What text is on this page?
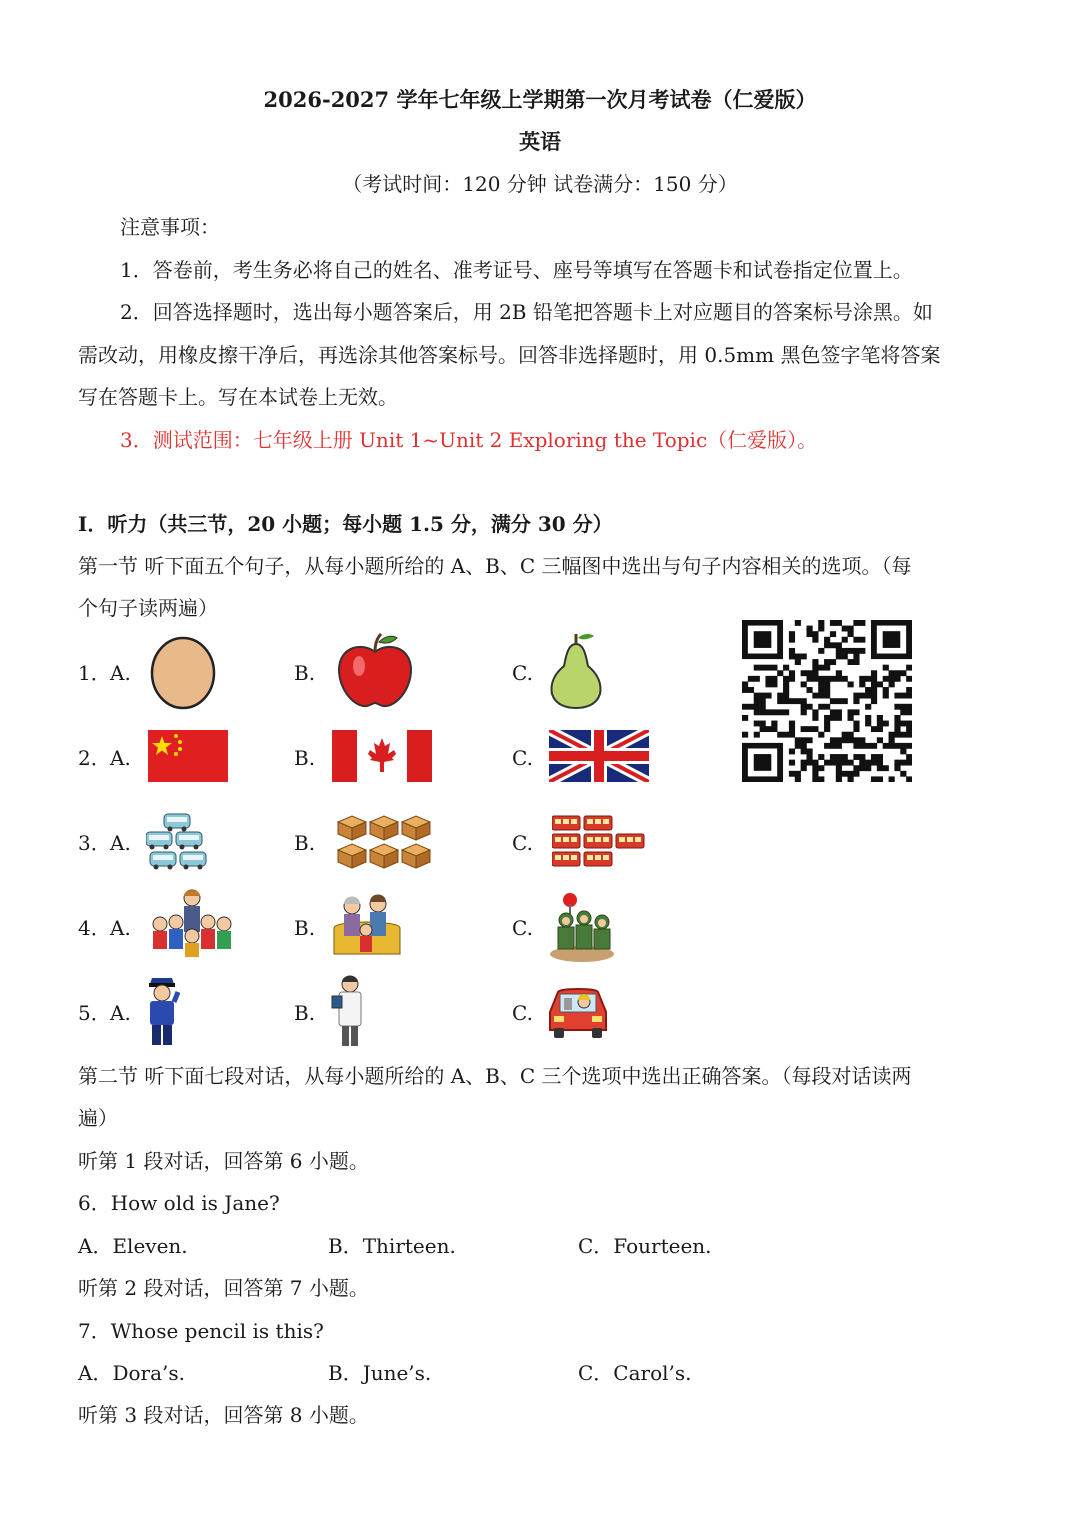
2026-2027 学年七年级上学期第一次月考试卷（仁爱版）
英语
（考试时间：120 分钟 试卷满分：150 分）
注意事项：
1．答卷前，考生务必将自己的姓名、准考证号、座号等填写在答题卡和试卷指定位置上。
2．回答选择题时，选出每小题答案后，用 2B 铅笔把答题卡上对应题目的答案标号涂黑。如
需改动，用橡皮擦干净后，再选涂其他答案标号。回答非选择题时，用 0.5mm 黑色签字笔将答案
写在答题卡上。写在本试卷上无效。
3．测试范围：七年级上册 Unit 1~Unit 2 Exploring the Topic（仁爱版）。
I．听力（共三节，20 小题；每小题 1.5 分，满分 30 分）
第一节 听下面五个句子，从每小题所给的 A、B、C 三幅图中选出与句子内容相关的选项。（每
个句子读两遍）
1． A.	B.	C.
2． A.	B.	C.
3． A.	B.	C.
4． A.	B.	C.
5． A.	B.	C.
第二节 听下面七段对话，从每小题所给的 A、B、C 三个选项中选出正确答案。（每段对话读两
遍）
听第 1 段对话，回答第 6 小题。
6．How old is Jane?
A．Eleven.	B．Thirteen.	C．Fourteen.
听第 2 段对话，回答第 7 小题。
7．Whose pencil is this?
A．Dora’s.	B．June’s.	C．Carol’s.
听第 3 段对话，回答第 8 小题。
